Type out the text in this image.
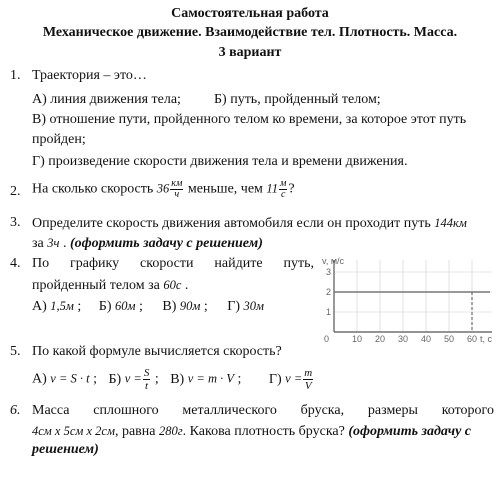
Самостоятельная работа
Механическое движение. Взаимодействие тел. Плотность. Масса.
3 вариант
1. Траектория – это…
А) линия движения тела; Б) путь, пройденный телом;
В) отношение пути, пройденного телом ко времени, за которое этот путь
пройден;
Г) произведение скорости движения тела и времени движения.
2. На сколько скорость $36 \frac{км}{ч}$ меньше, чем $11 \frac{м}{с}$ ?
3. Определите скорость движения автомобиля если он проходит путь 144км
за 3ч . (оформить задачу с решением)
4. По графику скорости найдите путь,
пройденный телом за 60с .
А) 1,5м ; Б) 60м ; В) 90м ; Г) 30м
v, м/с
t, с
1
2
3
0	10 20 30 40 50 60
5. По какой формуле вычисляется скорость?
А) v = S · t ; Б) $v = \frac{S}{t}$ ; В) v = m · V ; Г) $v = \frac{m}{V}$
6. Масса сплошного металлического бруска, размеры которого
4см х 5см х 2см, равна 280г. Какова плотность бруска? (оформить задачу с
решением)
